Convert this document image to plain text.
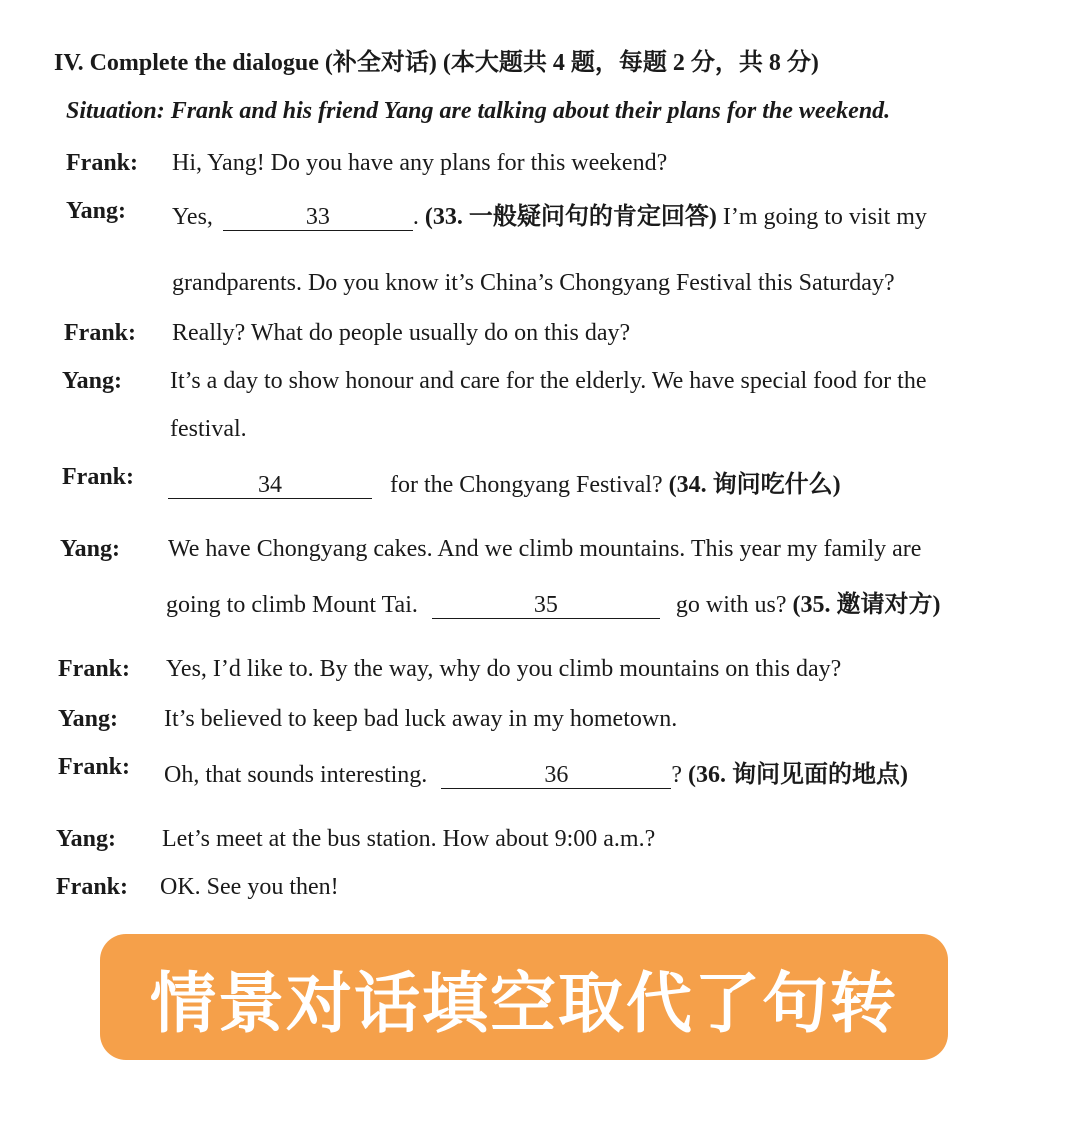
IV. Complete the dialogue (补全对话) (本大题共 4 题，每题 2 分，共 8 分)
Situation: Frank and his friend Yang are talking about their plans for the weekend.
Frank: Hi, Yang! Do you have any plans for this weekend?
Yang: Yes,	33	. (33. 一般疑问句的肯定回答) I’m going to visit my
grandparents. Do you know it’s China’s Chongyang Festival this Saturday?
Frank: Really? What do people usually do on this day?
Yang: It’s a day to show honour and care for the elderly. We have special food for the
festival.
Frank:	34	for the Chongyang Festival? (34. 询问吃什么)
Yang: We have Chongyang cakes. And we climb mountains. This year my family are
going to climb Mount Tai.	35	go with us? (35. 邀请对方)
Frank: Yes, I’d like to. By the way, why do you climb mountains on this day?
Yang: It’s believed to keep bad luck away in my hometown.
Frank: Oh, that sounds interesting.	36	? (36. 询问见面的地点)
Yang: Let’s meet at the bus station. How about 9:00 a.m.?
Frank: OK. See you then!
情景对话填空取代了句转
